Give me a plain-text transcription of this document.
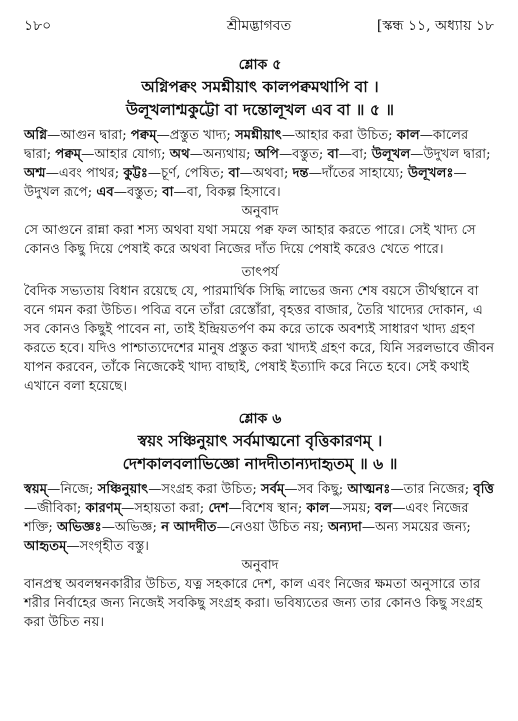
১৮০	শ্রীমদ্ভাগবত	[স্কন্ধ ১১, অধ্যায় ১৮
শ্লোক ৫
অগ্নিপক্বং সমশ্নীয়াৎ কালপক্বমথাপি বা ।
উলূখলাশ্মকুট্টো বা দন্তোলূখল এব বা ॥ ৫ ॥

অগ্নি—আগুন দ্বারা; পক্বম্—প্রস্তুত খাদ্য; সমশ্নীয়াৎ—আহার করা উচিত; কাল—কালের দ্বারা; পক্বম্—আহার যোগ্য; অথ—অন্যথায়; অপি—বস্তুত; বা—বা; উলূখল—উদুখল দ্বারা; অশ্ম—এবং পাথর; কুট্টঃ—চূর্ণ, পেষিত; বা—অথবা; দন্ত—দাঁতের সাহায্যে; উলূখলঃ—উদুখল রূপে; এব—বস্তুত; বা—বা, বিকল্প হিসাবে।

অনুবাদ

সে আগুনে রান্না করা শস্য অথবা যথা সময়ে পক্ব ফল আহার করতে পারে। সেই খাদ্য সে কোনও কিছু দিয়ে পেষাই করে অথবা নিজের দাঁত দিয়ে পেষাই করেও খেতে পারে।

তাৎপর্য

বৈদিক সভ্যতায় বিধান রয়েছে যে, পারমার্থিক সিদ্ধি লাভের জন্য শেষ বয়সে তীর্থস্থানে বা বনে গমন করা উচিত। পবিত্র বনে তাঁরা রেস্তোঁরা, বৃহত্তর বাজার, তৈরি খাদ্যের দোকান, এ সব কোনও কিছুই পাবেন না, তাই ইন্দ্রিয়তর্পণ কম করে তাকে অবশ্যই সাধারণ খাদ্য গ্রহণ করতে হবে। যদিও পাশ্চাত্যদেশের মানুষ প্রস্তুত করা খাদ্যই গ্রহণ করে, যিনি সরলভাবে জীবন যাপন করবেন, তাঁকে নিজেকেই খাদ্য বাছাই, পেষাই ইত্যাদি করে নিতে হবে। সেই কথাই এখানে বলা হয়েছে।

শ্লোক ৬
স্বয়ং সঞ্চিনুয়াৎ সর্বমাত্মনো বৃত্তিকারণম্ ।
দেশকালবলাভিজ্ঞো নাদদীতান্যদাহৃতম্ ॥ ৬ ॥

স্বয়ম্—নিজে; সঞ্চিনুয়াৎ—সংগ্রহ করা উচিত; সর্বম্—সব কিছু; আত্মনঃ—তার নিজের; বৃত্তি—জীবিকা; কারণম্—সহায়তা করা; দেশ—বিশেষ স্থান; কাল—সময়; বল—এবং নিজের শক্তি; অভিজ্ঞঃ—অভিজ্ঞ; ন আদদীত—নেওয়া উচিত নয়; অন্যদা—অন্য সময়ের জন্য; আহৃতম্—সংগৃহীত বস্তু।

অনুবাদ

বানপ্রস্থ অবলম্বনকারীর উচিত, যত্ন সহকারে দেশ, কাল এবং নিজের ক্ষমতা অনুসারে তার শরীর নির্বাহের জন্য নিজেই সবকিছু সংগ্রহ করা। ভবিষ্যতের জন্য তার কোনও কিছু সংগ্রহ করা উচিত নয়।
